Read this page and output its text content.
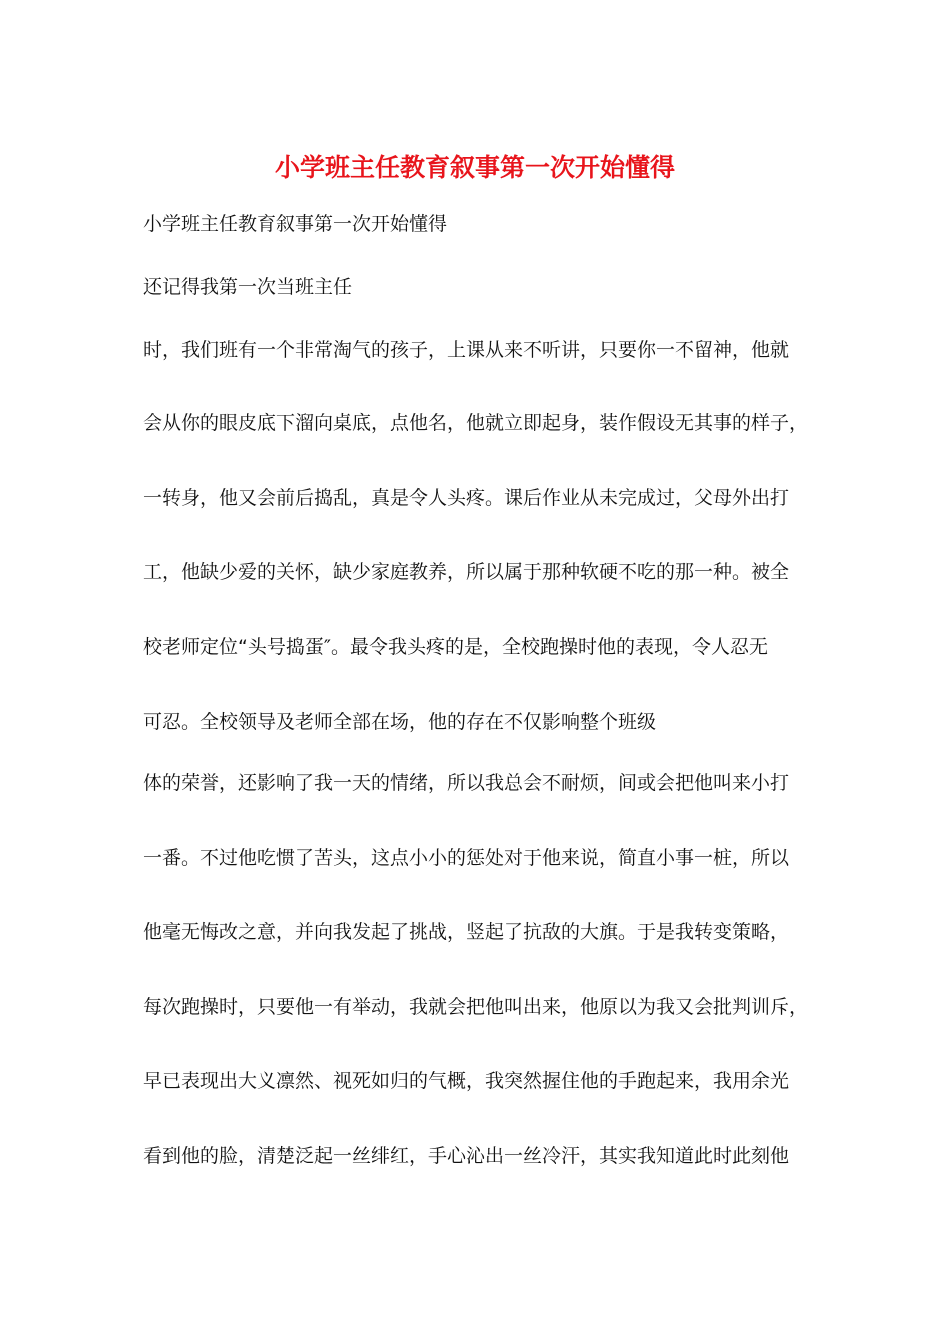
小学班主任教育叙事第一次开始懂得
小学班主任教育叙事第一次开始懂得
还记得我第一次当班主任
时，我们班有一个非常淘气的孩子，上课从来不听讲，只要你一不留神，他就
会从你的眼皮底下溜向桌底，点他名，他就立即起身，装作假设无其事的样子，
一转身，他又会前后捣乱，真是令人头疼。课后作业从未完成过，父母外出打
工，他缺少爱的关怀，缺少家庭教养，所以属于那种软硬不吃的那一种。被全
校老师定位“头号捣蛋″。最令我头疼的是，全校跑操时他的表现，令人忍无
可忍。全校领导及老师全部在场，他的存在不仅影响整个班级
体的荣誉，还影响了我一天的情绪，所以我总会不耐烦，间或会把他叫来小打
一番。不过他吃惯了苦头，这点小小的惩处对于他来说，简直小事一桩，所以
他毫无悔改之意，并向我发起了挑战，竖起了抗敌的大旗。于是我转变策略，
每次跑操时，只要他一有举动，我就会把他叫出来，他原以为我又会批判训斥，
早已表现出大义凛然、视死如归的气概，我突然握住他的手跑起来，我用余光
看到他的脸，清楚泛起一丝绯红，手心沁出一丝冷汗，其实我知道此时此刻他
